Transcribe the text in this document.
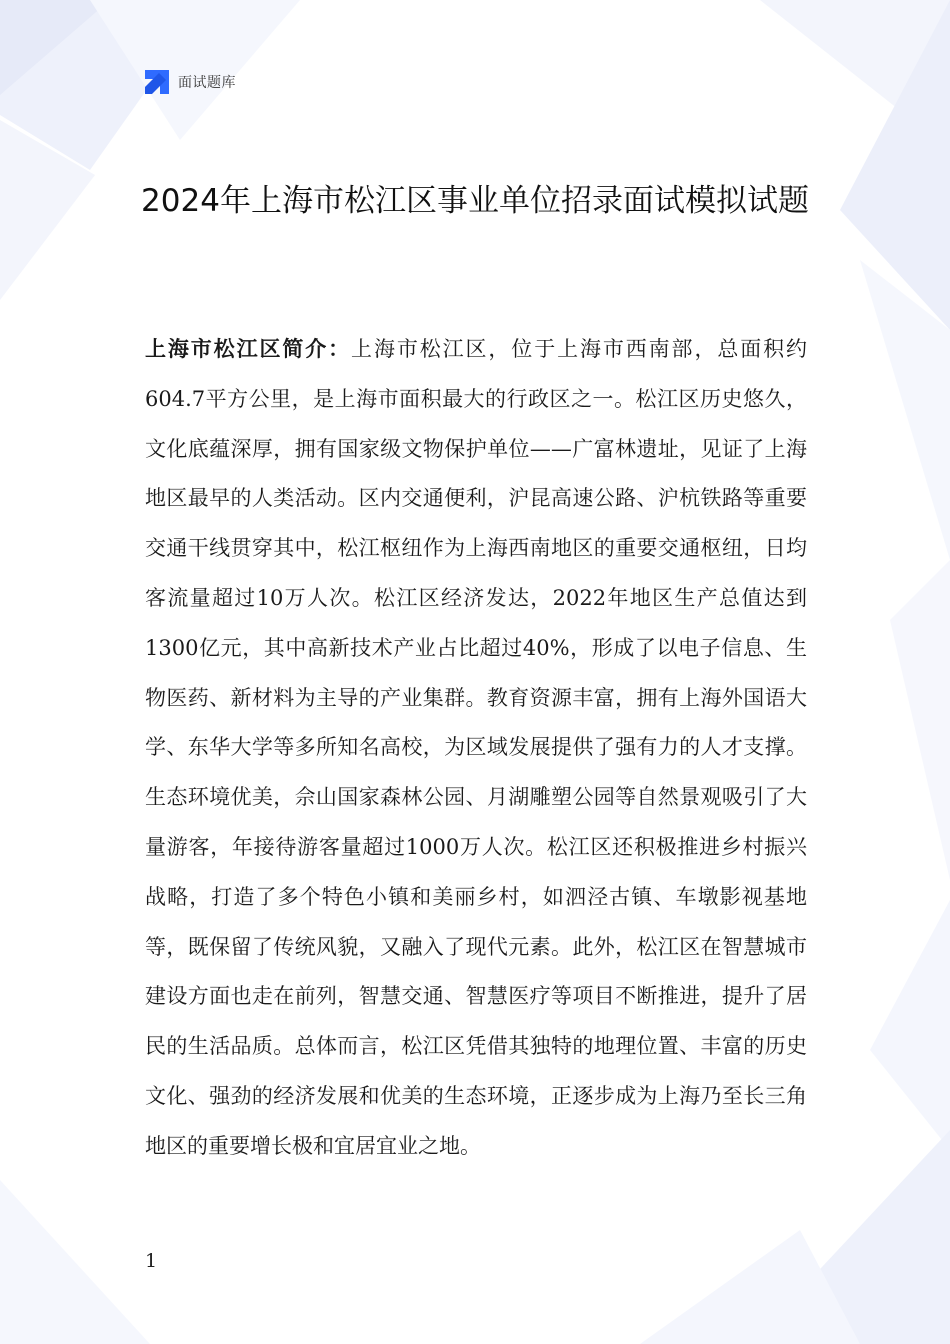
面试题库
2024年上海市松江区事业单位招录面试模拟试题

上海市松江区简介：上海市松江区，位于上海市西南部，总面积约604.7平方公里，是上海市面积最大的行政区之一。松江区历史悠久，文化底蕴深厚，拥有国家级文物保护单位——广富林遗址，见证了上海地区最早的人类活动。区内交通便利，沪昆高速公路、沪杭铁路等重要交通干线贯穿其中，松江枢纽作为上海西南地区的重要交通枢纽，日均客流量超过10万人次。松江区经济发达，2022年地区生产总值达到1300亿元，其中高新技术产业占比超过40%，形成了以电子信息、生物医药、新材料为主导的产业集群。教育资源丰富，拥有上海外国语大学、东华大学等多所知名高校，为区域发展提供了强有力的人才支撑。生态环境优美，佘山国家森林公园、月湖雕塑公园等自然景观吸引了大量游客，年接待游客量超过1000万人次。松江区还积极推进乡村振兴战略，打造了多个特色小镇和美丽乡村，如泗泾古镇、车墩影视基地等，既保留了传统风貌，又融入了现代元素。此外，松江区在智慧城市建设方面也走在前列，智慧交通、智慧医疗等项目不断推进，提升了居民的生活品质。总体而言，松江区凭借其独特的地理位置、丰富的历史文化、强劲的经济发展和优美的生态环境，正逐步成为上海乃至长三角地区的重要增长极和宜居宜业之地。

1
